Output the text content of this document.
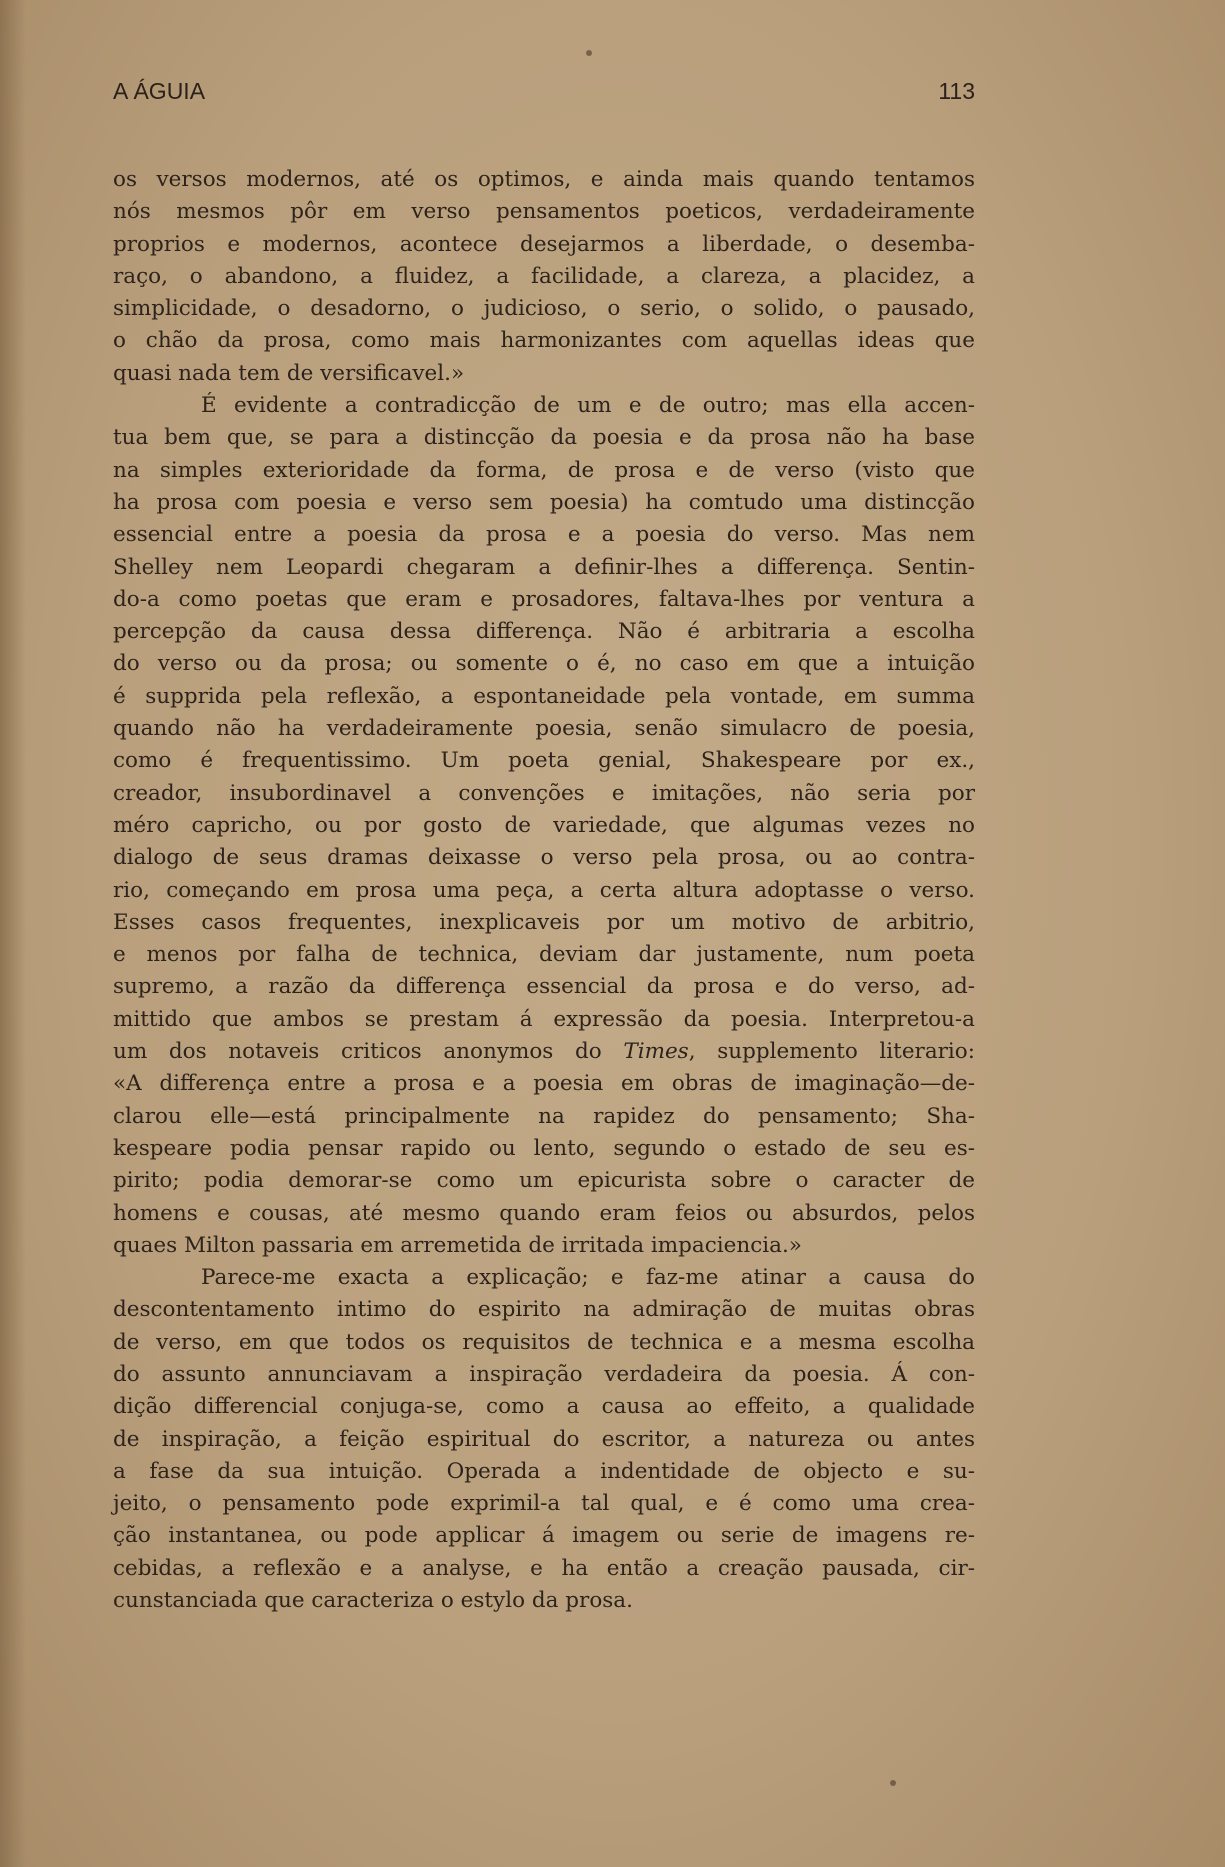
A ÁGUIA	113
os versos modernos, até os optimos, e ainda mais quando tentamos
nós mesmos pôr em verso pensamentos poeticos, verdadeiramente
proprios e modernos, acontece desejarmos a liberdade, o desemba-
raço, o abandono, a fluidez, a facilidade, a clareza, a placidez, a
simplicidade, o desadorno, o judicioso, o serio, o solido, o pausado,
o chão da prosa, como mais harmonizantes com aquellas ideas que
quasi nada tem de versificavel.»
É evidente a contradicção de um e de outro; mas ella accen-
tua bem que, se para a distincção da poesia e da prosa não ha base
na simples exterioridade da forma, de prosa e de verso (visto que
ha prosa com poesia e verso sem poesia) ha comtudo uma distincção
essencial entre a poesia da prosa e a poesia do verso. Mas nem
Shelley nem Leopardi chegaram a definir-lhes a differença. Sentin-
do-a como poetas que eram e prosadores, faltava-lhes por ventura a
percepção da causa dessa differença. Não é arbitraria a escolha
do verso ou da prosa; ou somente o é, no caso em que a intuição
é supprida pela reflexão, a espontaneidade pela vontade, em summa
quando não ha verdadeiramente poesia, senão simulacro de poesia,
como é frequentissimo. Um poeta genial, Shakespeare por ex.,
creador, insubordinavel a convenções e imitações, não seria por
méro capricho, ou por gosto de variedade, que algumas vezes no
dialogo de seus dramas deixasse o verso pela prosa, ou ao contra-
rio, começando em prosa uma peça, a certa altura adoptasse o verso.
Esses casos frequentes, inexplicaveis por um motivo de arbitrio,
e menos por falha de technica, deviam dar justamente, num poeta
supremo, a razão da differença essencial da prosa e do verso, ad-
mittido que ambos se prestam á expressão da poesia. Interpretou-a
um dos notaveis criticos anonymos do Times, supplemento literario:
«A differença entre a prosa e a poesia em obras de imaginação—de-
clarou elle—está principalmente na rapidez do pensamento; Sha-
kespeare podia pensar rapido ou lento, segundo o estado de seu es-
pirito; podia demorar-se como um epicurista sobre o caracter de
homens e cousas, até mesmo quando eram feios ou absurdos, pelos
quaes Milton passaria em arremetida de irritada impaciencia.»
Parece-me exacta a explicação; e faz-me atinar a causa do
descontentamento intimo do espirito na admiração de muitas obras
de verso, em que todos os requisitos de technica e a mesma escolha
do assunto annunciavam a inspiração verdadeira da poesia. Á con-
dição differencial conjuga-se, como a causa ao effeito, a qualidade
de inspiração, a feição espiritual do escritor, a natureza ou antes
a fase da sua intuição. Operada a indentidade de objecto e su-
jeito, o pensamento pode exprimil-a tal qual, e é como uma crea-
ção instantanea, ou pode applicar á imagem ou serie de imagens re-
cebidas, a reflexão e a analyse, e ha então a creação pausada, cir-
cunstanciada que caracteriza o estylo da prosa.
